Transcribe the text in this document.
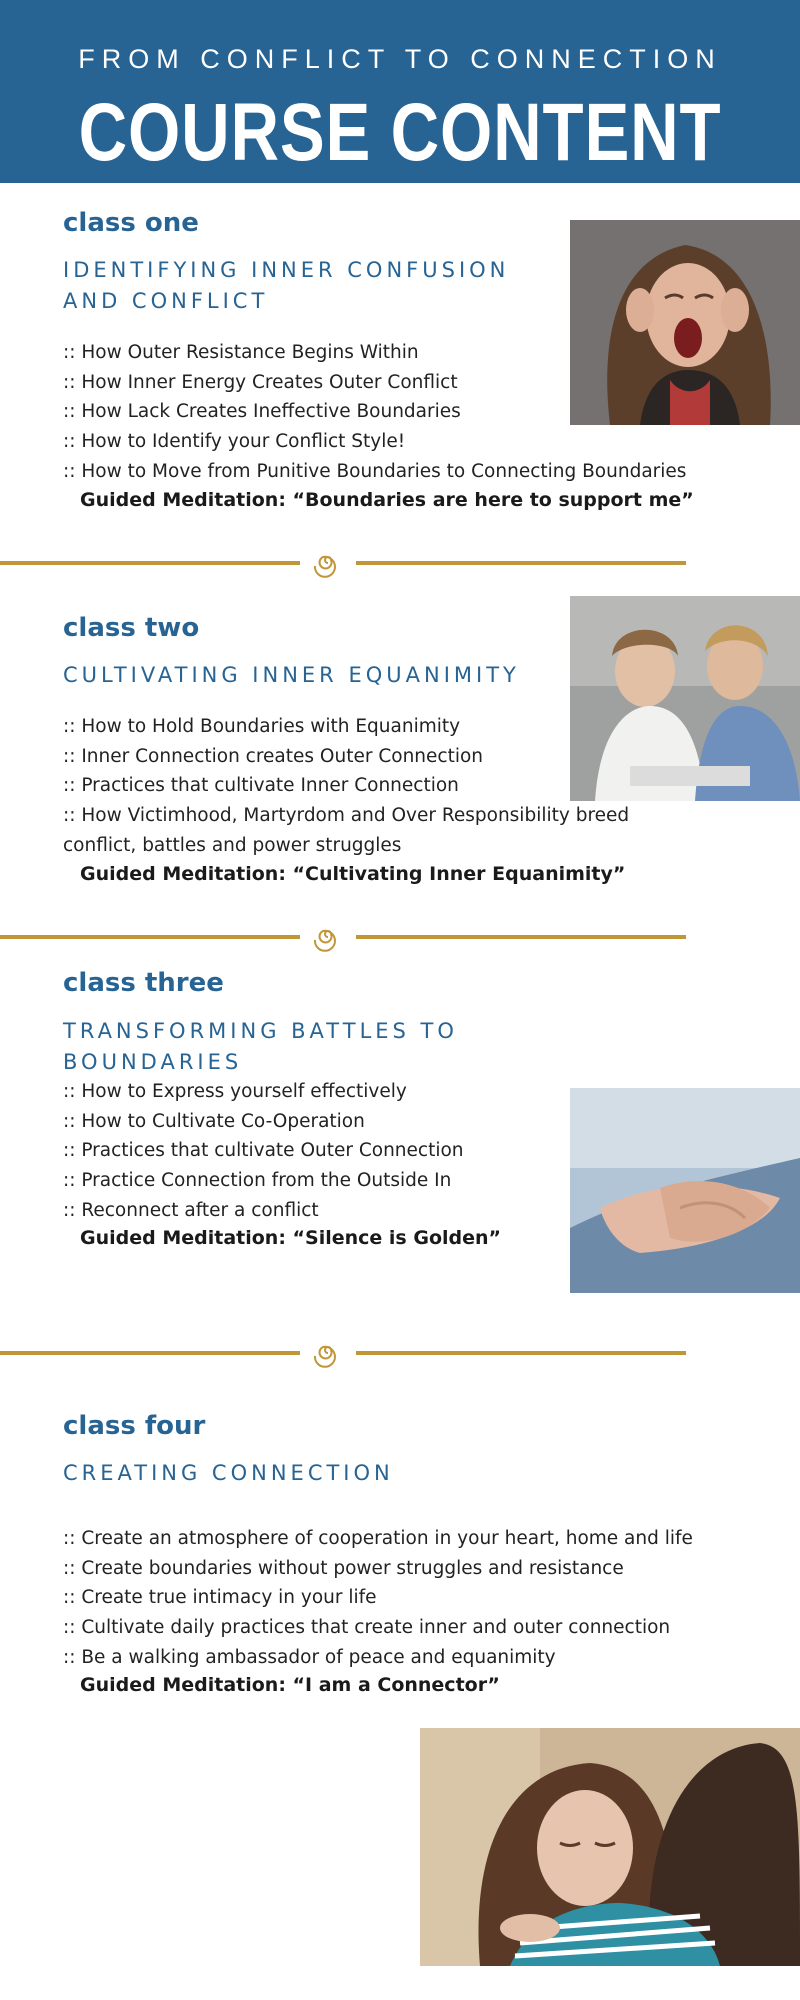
FROM CONFLICT TO CONNECTION
COURSE CONTENT
class one
IDENTIFYING INNER CONFUSION AND CONFLICT
:: How Outer Resistance Begins Within
:: How Inner Energy Creates Outer Conflict
:: How Lack Creates Ineffective Boundaries
:: How to Identify your Conflict Style!
:: How to Move from Punitive Boundaries to Connecting Boundaries
Guided Meditation: “Boundaries are here to support me”
class two
CULTIVATING INNER EQUANIMITY
:: How to Hold Boundaries with Equanimity
:: Inner Connection creates Outer Connection
:: Practices that cultivate Inner Connection
:: How Victimhood, Martyrdom and Over Responsibility breed
conflict, battles and power struggles
Guided Meditation: “Cultivating Inner Equanimity”
class three
TRANSFORMING BATTLES TO BOUNDARIES
:: How to Express yourself effectively
:: How to Cultivate Co-Operation
:: Practices that cultivate Outer Connection
:: Practice Connection from the Outside In
:: Reconnect after a conflict
Guided Meditation: “Silence is Golden”
class four
CREATING CONNECTION
:: Create an atmosphere of cooperation in your heart, home and life
:: Create boundaries without power struggles and resistance
:: Create true intimacy in your life
:: Cultivate daily practices that create inner and outer connection
:: Be a walking ambassador of peace and equanimity
Guided Meditation: “I am a Connector”
